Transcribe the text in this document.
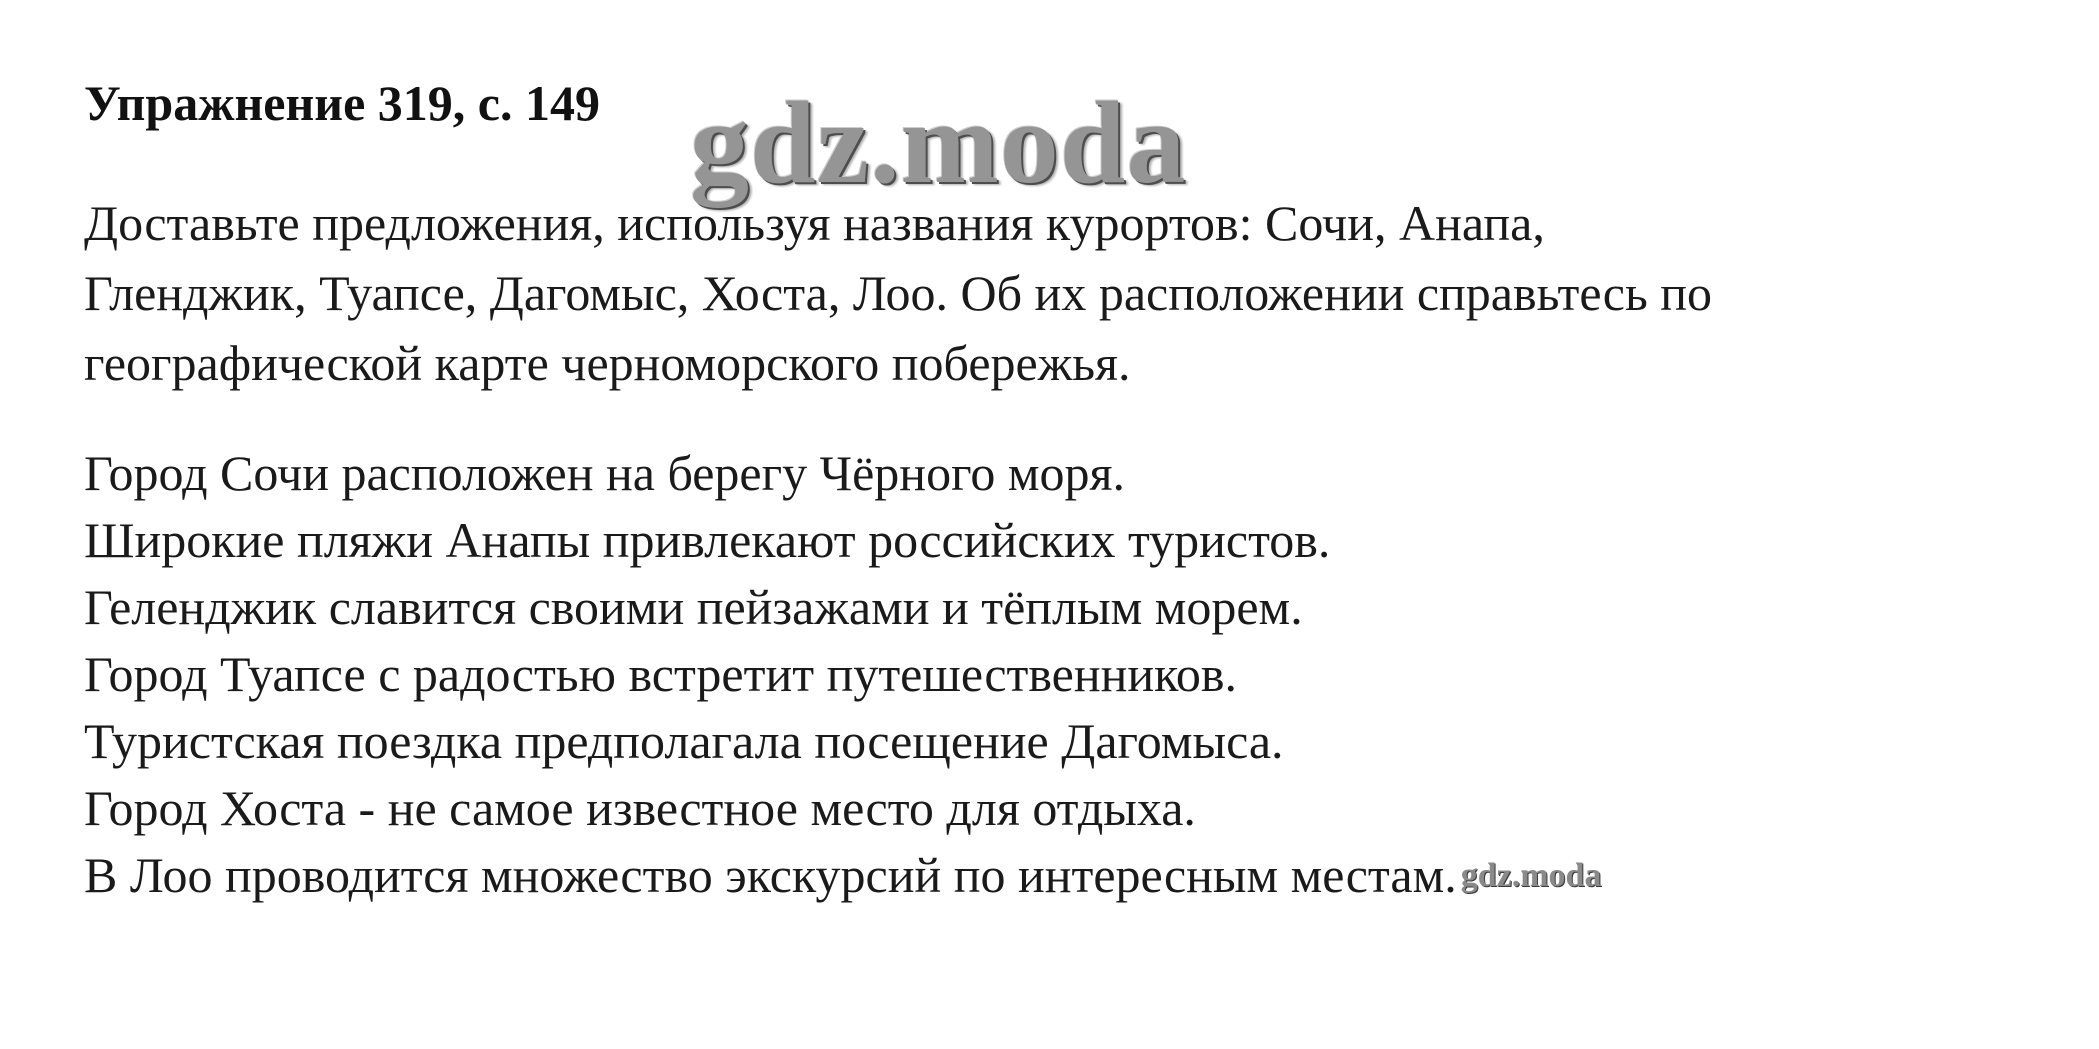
Упражнение 319, с. 149 gdz.moda
Доставьте предложения, используя названия курортов: Сочи, Анапа,
Гленджик, Туапсе, Дагомыс, Хоста, Лоо. Об их расположении справьтесь по
географической карте черноморского побережья.
Город Сочи расположен на берегу Чёрного моря.
Широкие пляжи Анапы привлекают российских туристов.
Геленджик славится своими пейзажами и тёплым морем.
Город Туапсе с радостью встретит путешественников.
Туристская поездка предполагала посещение Дагомыса.
Город Хоста - не самое известное место для отдыха.
В Лоо проводится множество экскурсий по интересным местам. gdz.moda
